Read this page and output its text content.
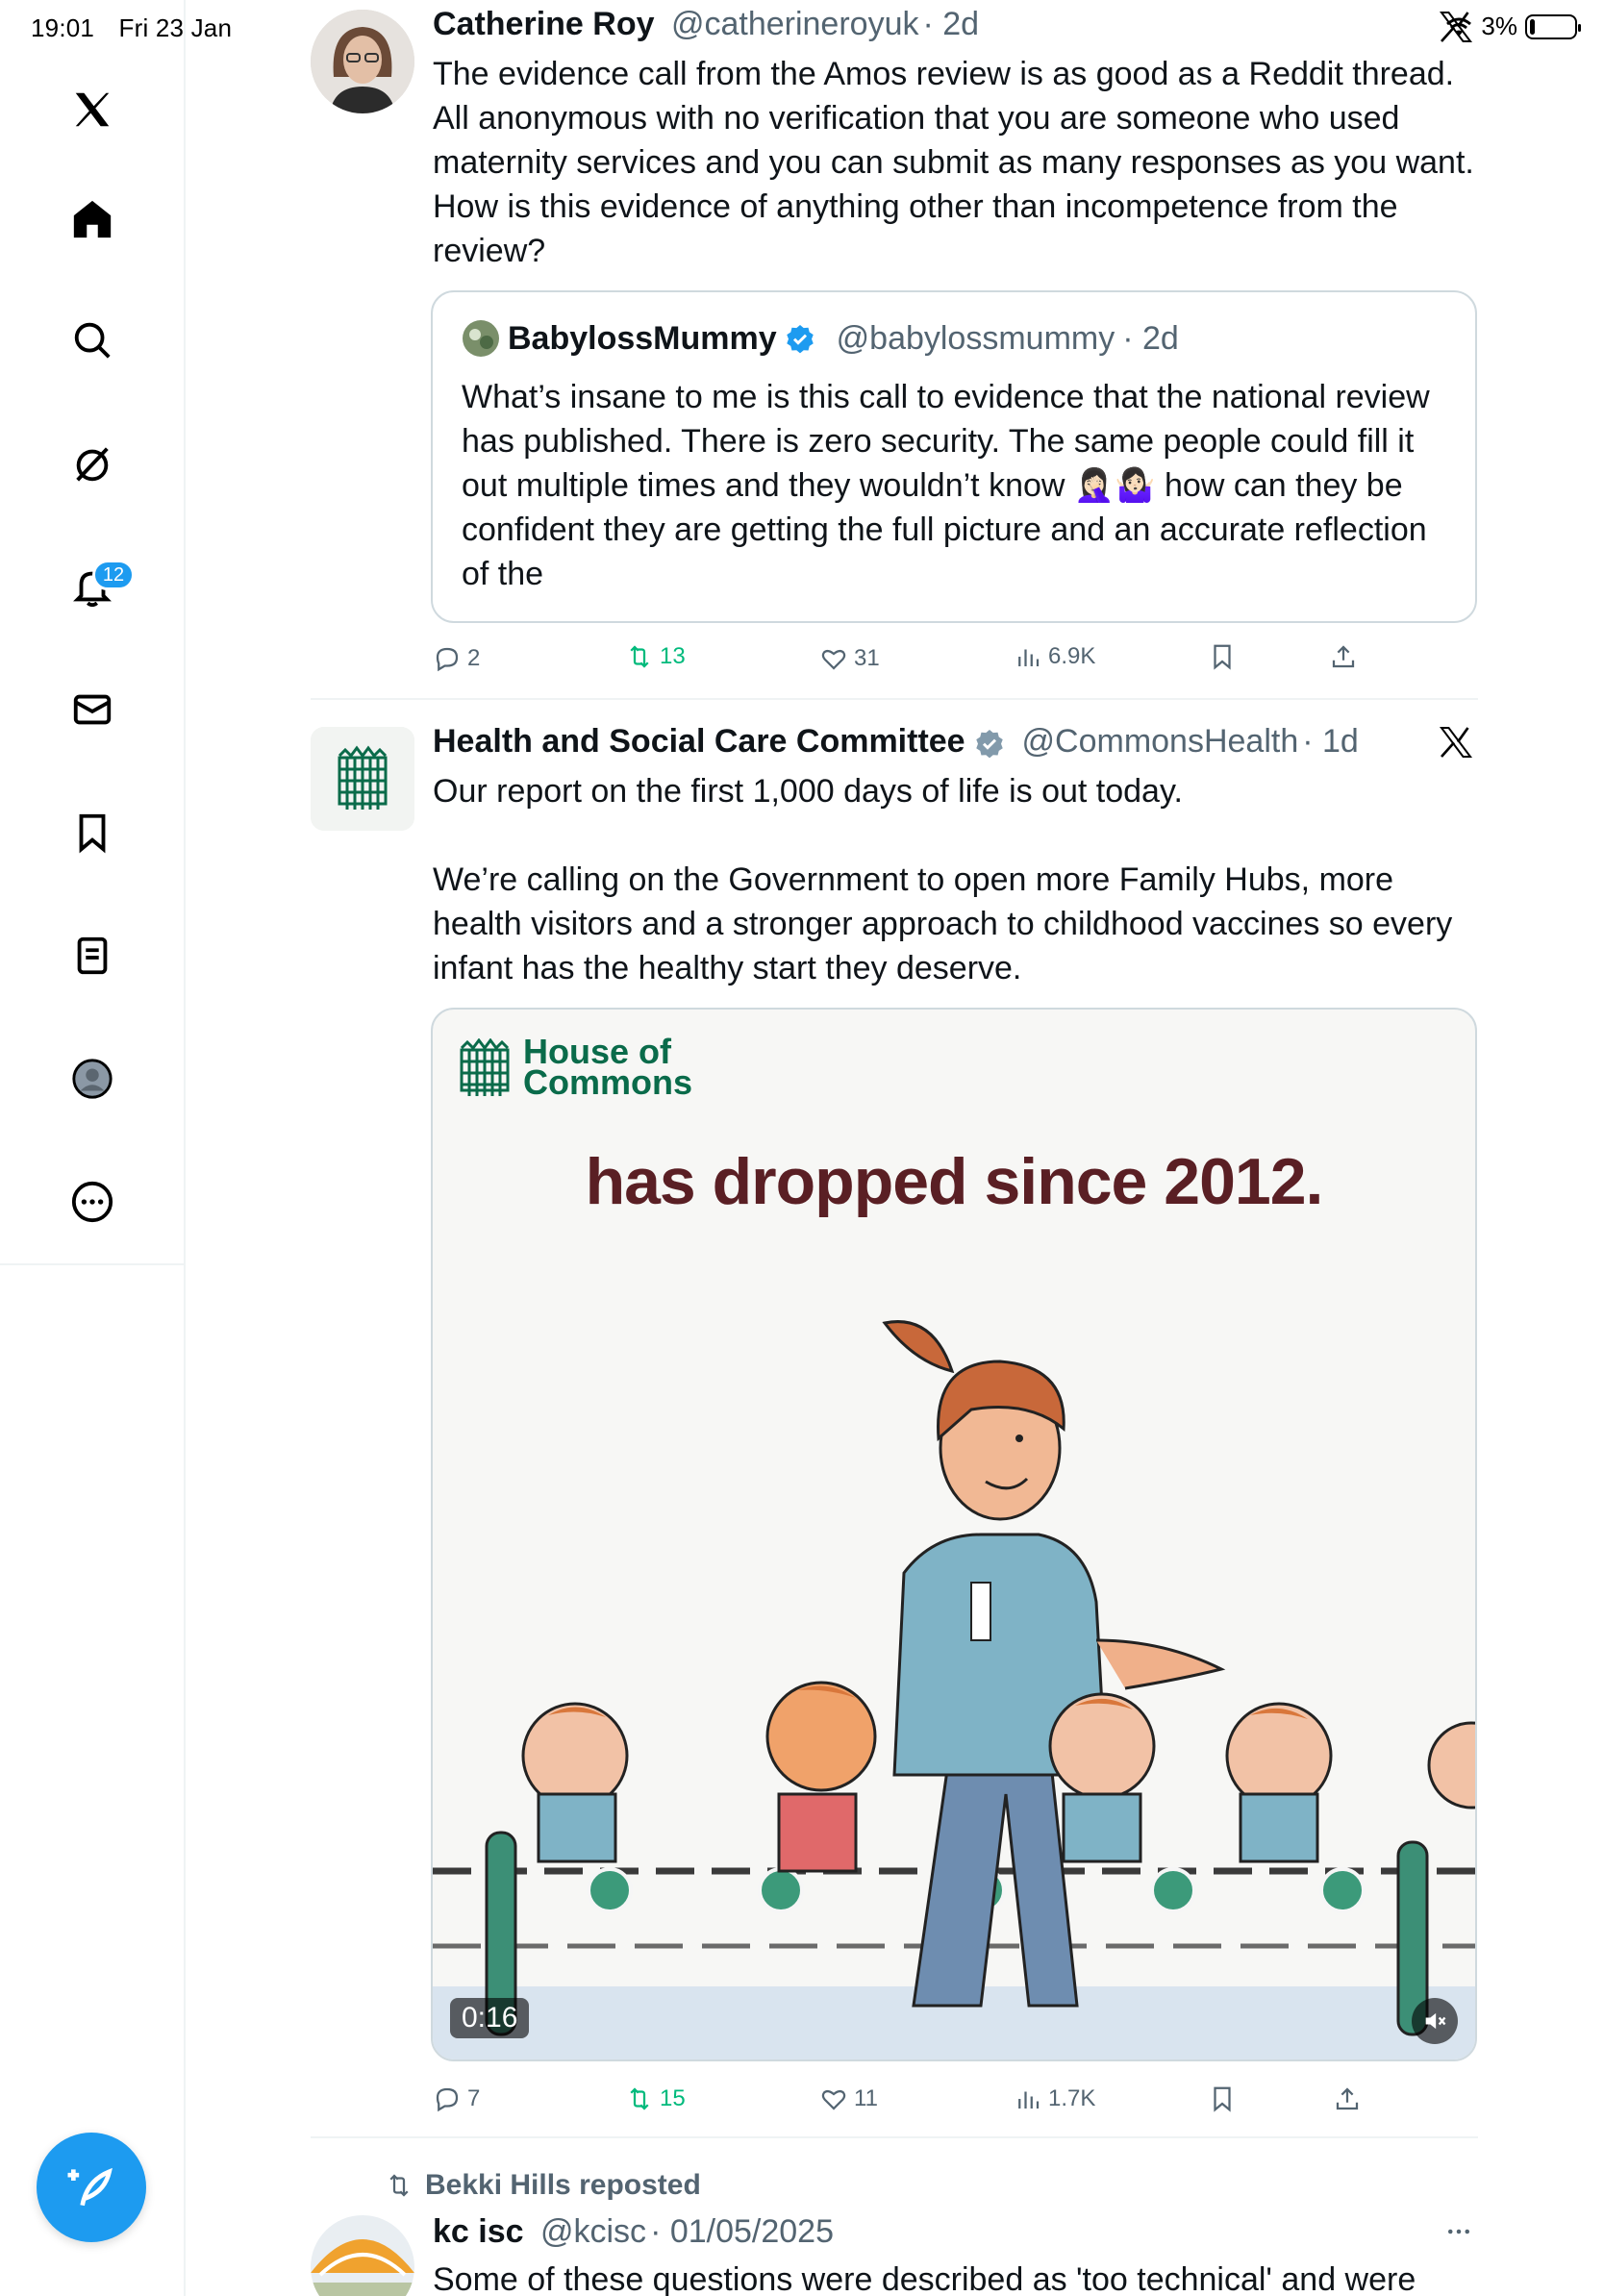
19:01 Fri 23 Jan	3%
12
Catherine Roy @catherineroyuk · 2d
The evidence call from the Amos review is as good as a Reddit thread.
All anonymous with no verification that you are someone who used
maternity services and you can submit as many responses as you want.
How is this evidence of anything other than incompetence from the
review?
BabylossMummy @babylossmummy · 2d
What’s insane to me is this call to evidence that the national review
has published. There is zero security. The same people could fill it
out multiple times and they wouldn’t know 🤦🏻‍♀️🤷🏻‍♀️ how can they be
confident they are getting the full picture and an accurate reflection
of the
2	13	31	6.9K
Health and Social Care Committee @CommonsHealth · 1d
Our report on the first 1,000 days of life is out today.
We’re calling on the Government to open more Family Hubs, more
health visitors and a stronger approach to childhood vaccines so every
infant has the healthy start they deserve.
House of
Commons
has dropped since 2012.
0:16
7	15	11	1.7K
Bekki Hills reposted
kc isc @kcisc · 01/05/2025
Some of these questions were described as 'too technical' and were
